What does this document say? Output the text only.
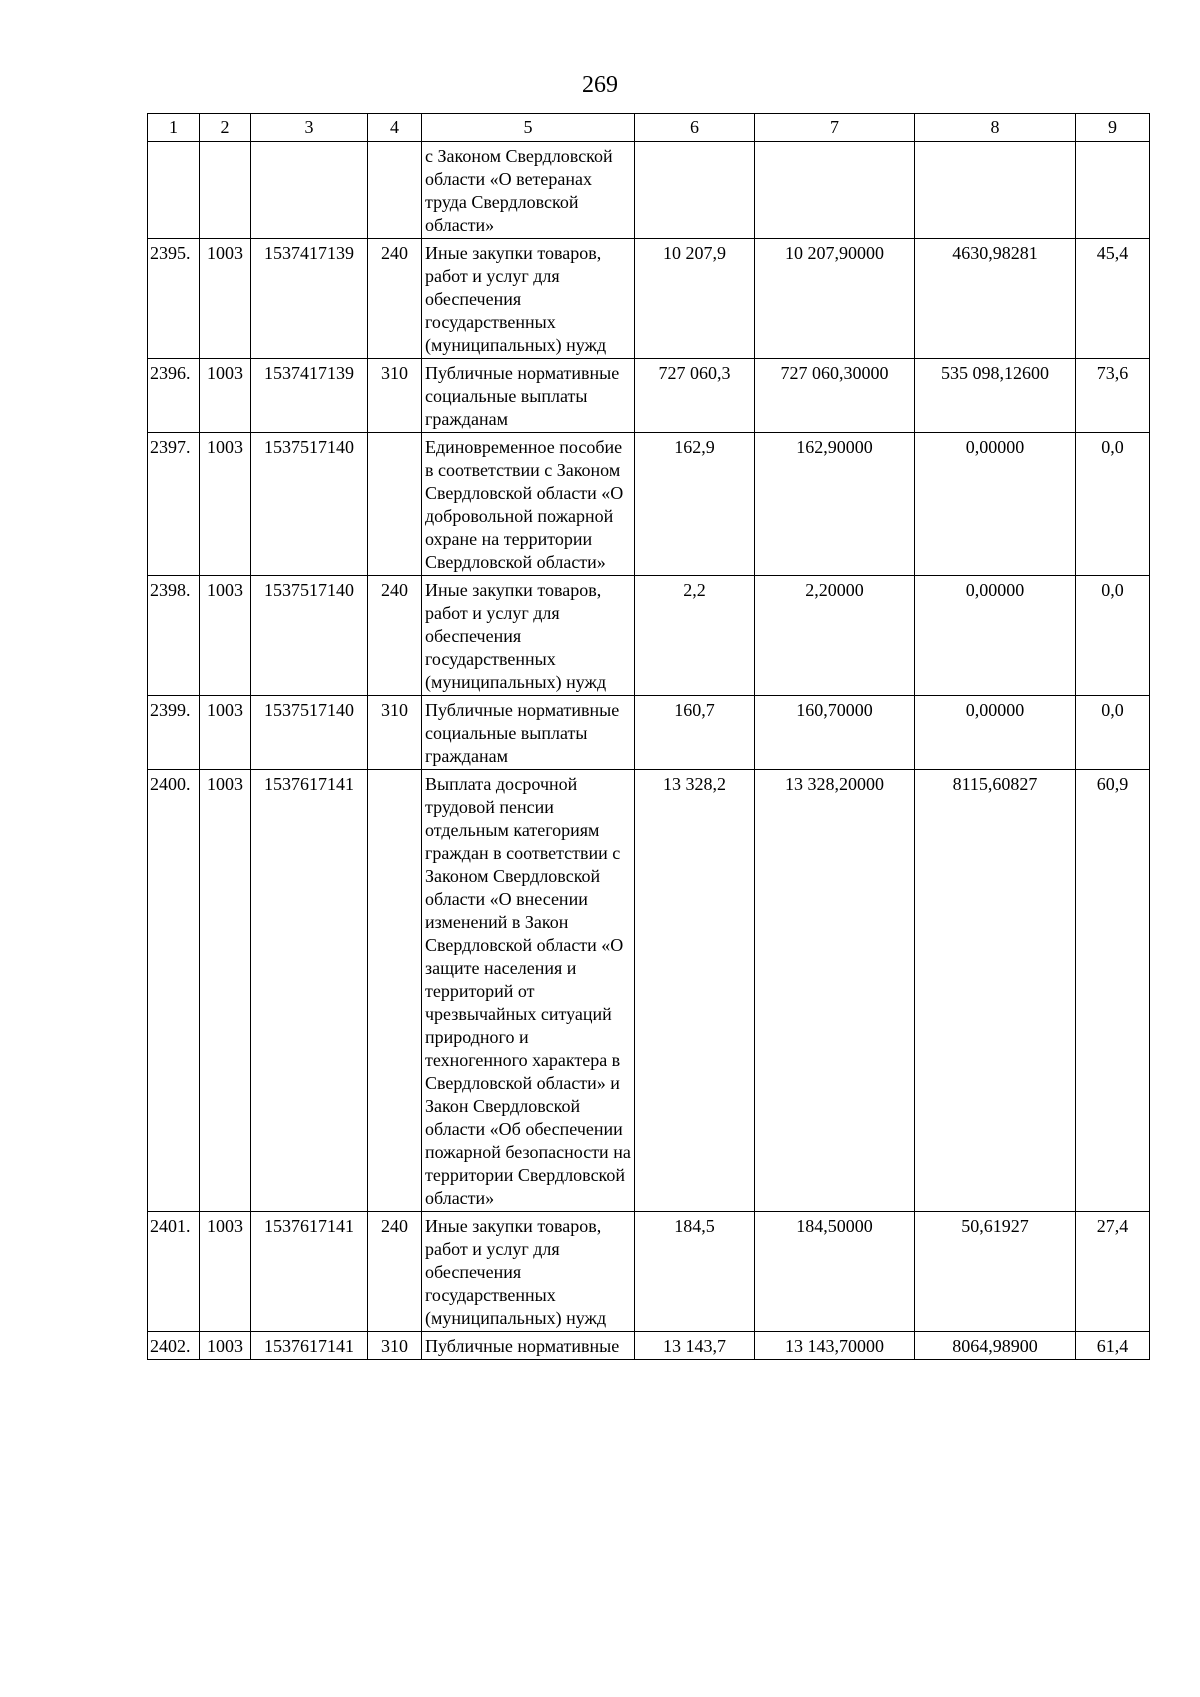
269
1	2	3	4	5	6	7	8	9
				с Законом Свердловской области «О ветеранах труда Свердловской области»				
2395.	1003	1537417139	240	Иные закупки товаров, работ и услуг для обеспечения государственных (муниципальных) нужд	10 207,9	10 207,90000	4630,98281	45,4
2396.	1003	1537417139	310	Публичные нормативные социальные выплаты гражданам	727 060,3	727 060,30000	535 098,12600	73,6
2397.	1003	1537517140		Единовременное пособие в соответствии с Законом Свердловской области «О добровольной пожарной охране на территории Свердловской области»	162,9	162,90000	0,00000	0,0
2398.	1003	1537517140	240	Иные закупки товаров, работ и услуг для обеспечения государственных (муниципальных) нужд	2,2	2,20000	0,00000	0,0
2399.	1003	1537517140	310	Публичные нормативные социальные выплаты гражданам	160,7	160,70000	0,00000	0,0
2400.	1003	1537617141		Выплата досрочной трудовой пенсии отдельным категориям граждан в соответствии с Законом Свердловской области «О внесении изменений в Закон Свердловской области «О защите населения и территорий от чрезвычайных ситуаций природного и техногенного характера в Свердловской области» и Закон Свердловской области «Об обеспечении пожарной безопасности на территории Свердловской области»	13 328,2	13 328,20000	8115,60827	60,9
2401.	1003	1537617141	240	Иные закупки товаров, работ и услуг для обеспечения государственных (муниципальных) нужд	184,5	184,50000	50,61927	27,4
2402.	1003	1537617141	310	Публичные нормативные	13 143,7	13 143,70000	8064,98900	61,4
